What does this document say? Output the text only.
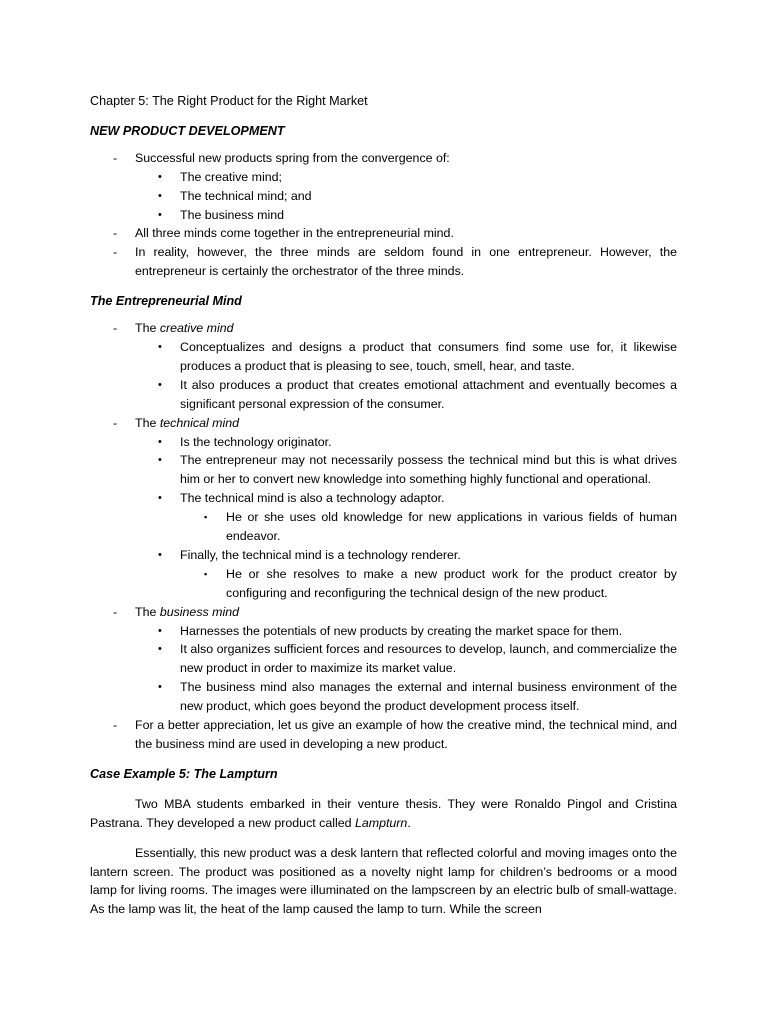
Chapter 5: The Right Product for the Right Market

NEW PRODUCT DEVELOPMENT

- Successful new products spring from the convergence of:
• The creative mind;
• The technical mind; and
• The business mind
- All three minds come together in the entrepreneurial mind.
- In reality, however, the three minds are seldom found in one entrepreneur. However, the entrepreneur is certainly the orchestrator of the three minds.

The Entrepreneurial Mind

- The creative mind
• Conceptualizes and designs a product that consumers find some use for, it likewise produces a product that is pleasing to see, touch, smell, hear, and taste.
• It also produces a product that creates emotional attachment and eventually becomes a significant personal expression of the consumer.
- The technical mind
• Is the technology originator.
• The entrepreneur may not necessarily possess the technical mind but this is what drives him or her to convert new knowledge into something highly functional and operational.
• The technical mind is also a technology adaptor.
▪ He or she uses old knowledge for new applications in various fields of human endeavor.
• Finally, the technical mind is a technology renderer.
▪ He or she resolves to make a new product work for the product creator by configuring and reconfiguring the technical design of the new product.
- The business mind
• Harnesses the potentials of new products by creating the market space for them.
• It also organizes sufficient forces and resources to develop, launch, and commercialize the new product in order to maximize its market value.
• The business mind also manages the external and internal business environment of the new product, which goes beyond the product development process itself.
- For a better appreciation, let us give an example of how the creative mind, the technical mind, and the business mind are used in developing a new product.

Case Example 5: The Lampturn

Two MBA students embarked in their venture thesis. They were Ronaldo Pingol and Cristina Pastrana. They developed a new product called Lampturn.

Essentially, this new product was a desk lantern that reflected colorful and moving images onto the lantern screen. The product was positioned as a novelty night lamp for children’s bedrooms or a mood lamp for living rooms. The images were illuminated on the lampscreen by an electric bulb of small-wattage. As the lamp was lit, the heat of the lamp caused the lamp to turn. While the screen
